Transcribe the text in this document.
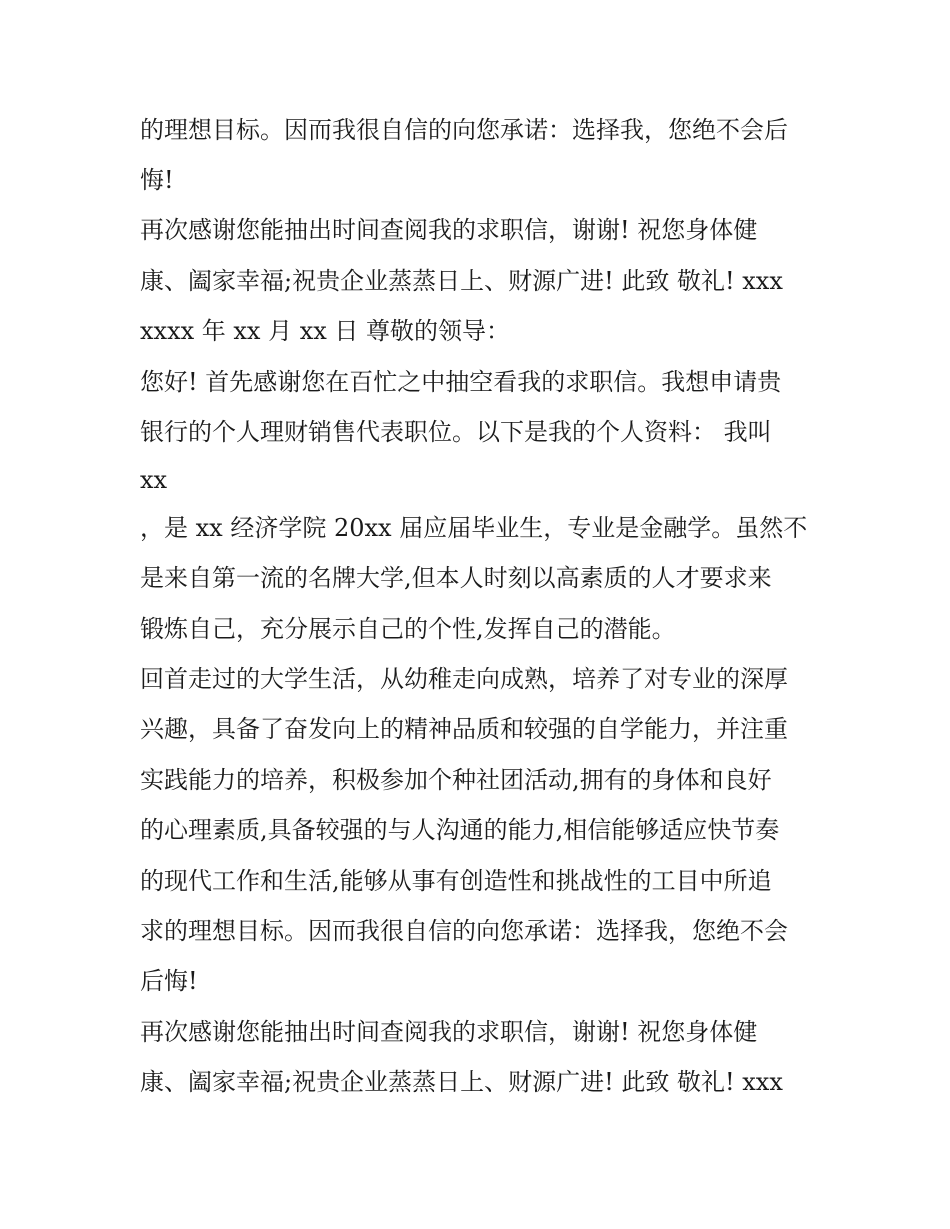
的理想目标。因而我很自信的向您承诺：选择我，您绝不会后
悔!
再次感谢您能抽出时间查阅我的求职信，谢谢! 祝您身体健
康、阖家幸福;祝贵企业蒸蒸日上、财源广进! 此致 敬礼! xxx
xxxx 年 xx 月 xx 日 尊敬的领导：
您好! 首先感谢您在百忙之中抽空看我的求职信。我想申请贵
银行的个人理财销售代表职位。以下是我的个人资料： 我叫
xx
，是 xx 经济学院 20xx 届应届毕业生，专业是金融学。虽然不
是来自第一流的名牌大学,但本人时刻以高素质的人才要求来
锻炼自己，充分展示自己的个性,发挥自己的潜能。
回首走过的大学生活，从幼稚走向成熟，培养了对专业的深厚
兴趣，具备了奋发向上的精神品质和较强的自学能力，并注重
实践能力的培养，积极参加个种社团活动,拥有的身体和良好
的心理素质,具备较强的与人沟通的能力,相信能够适应快节奏
的现代工作和生活,能够从事有创造性和挑战性的工目中所追
求的理想目标。因而我很自信的向您承诺：选择我，您绝不会
后悔!
再次感谢您能抽出时间查阅我的求职信，谢谢! 祝您身体健
康、阖家幸福;祝贵企业蒸蒸日上、财源广进! 此致 敬礼! xxx
